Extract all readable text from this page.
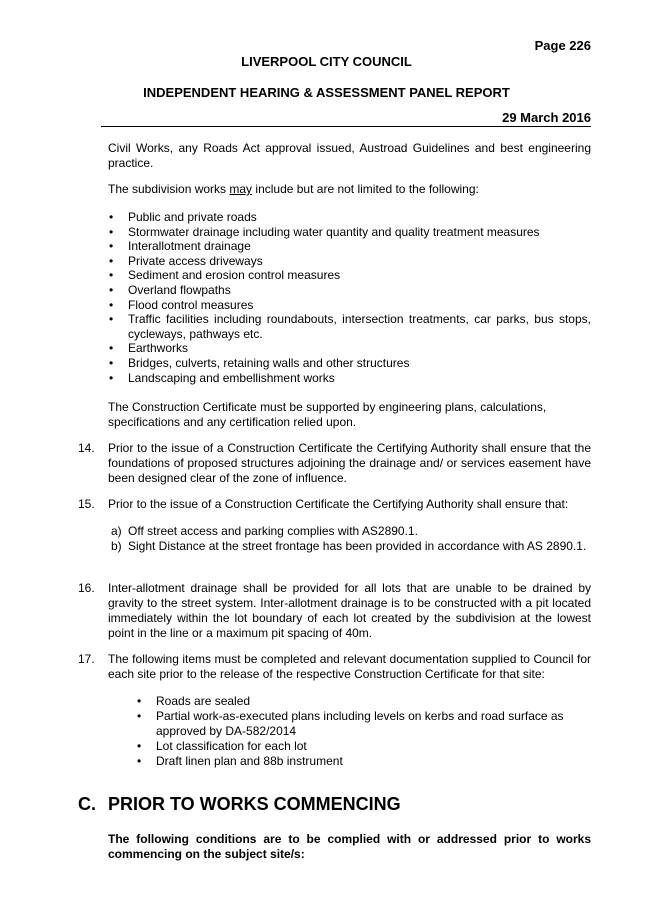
Page 226
LIVERPOOL CITY COUNCIL
INDEPENDENT HEARING & ASSESSMENT PANEL REPORT
29 March 2016
Civil Works, any Roads Act approval issued, Austroad Guidelines and best engineering practice.
The subdivision works may include but are not limited to the following:
• Public and private roads
• Stormwater drainage including water quantity and quality treatment measures
• Interallotment drainage
• Private access driveways
• Sediment and erosion control measures
• Overland flowpaths
• Flood control measures
• Traffic facilities including roundabouts, intersection treatments, car parks, bus stops, cycleways, pathways etc.
• Earthworks
• Bridges, culverts, retaining walls and other structures
• Landscaping and embellishment works
The Construction Certificate must be supported by engineering plans, calculations, specifications and any certification relied upon.
14. Prior to the issue of a Construction Certificate the Certifying Authority shall ensure that the foundations of proposed structures adjoining the drainage and/ or services easement have been designed clear of the zone of influence.
15. Prior to the issue of a Construction Certificate the Certifying Authority shall ensure that:
a) Off street access and parking complies with AS2890.1.
b) Sight Distance at the street frontage has been provided in accordance with AS 2890.1.
16. Inter-allotment drainage shall be provided for all lots that are unable to be drained by gravity to the street system. Inter-allotment drainage is to be constructed with a pit located immediately within the lot boundary of each lot created by the subdivision at the lowest point in the line or a maximum pit spacing of 40m.
17. The following items must be completed and relevant documentation supplied to Council for each site prior to the release of the respective Construction Certificate for that site:
• Roads are sealed
• Partial work-as-executed plans including levels on kerbs and road surface as approved by DA-582/2014
• Lot classification for each lot
• Draft linen plan and 88b instrument
C. PRIOR TO WORKS COMMENCING
The following conditions are to be complied with or addressed prior to works commencing on the subject site/s:
